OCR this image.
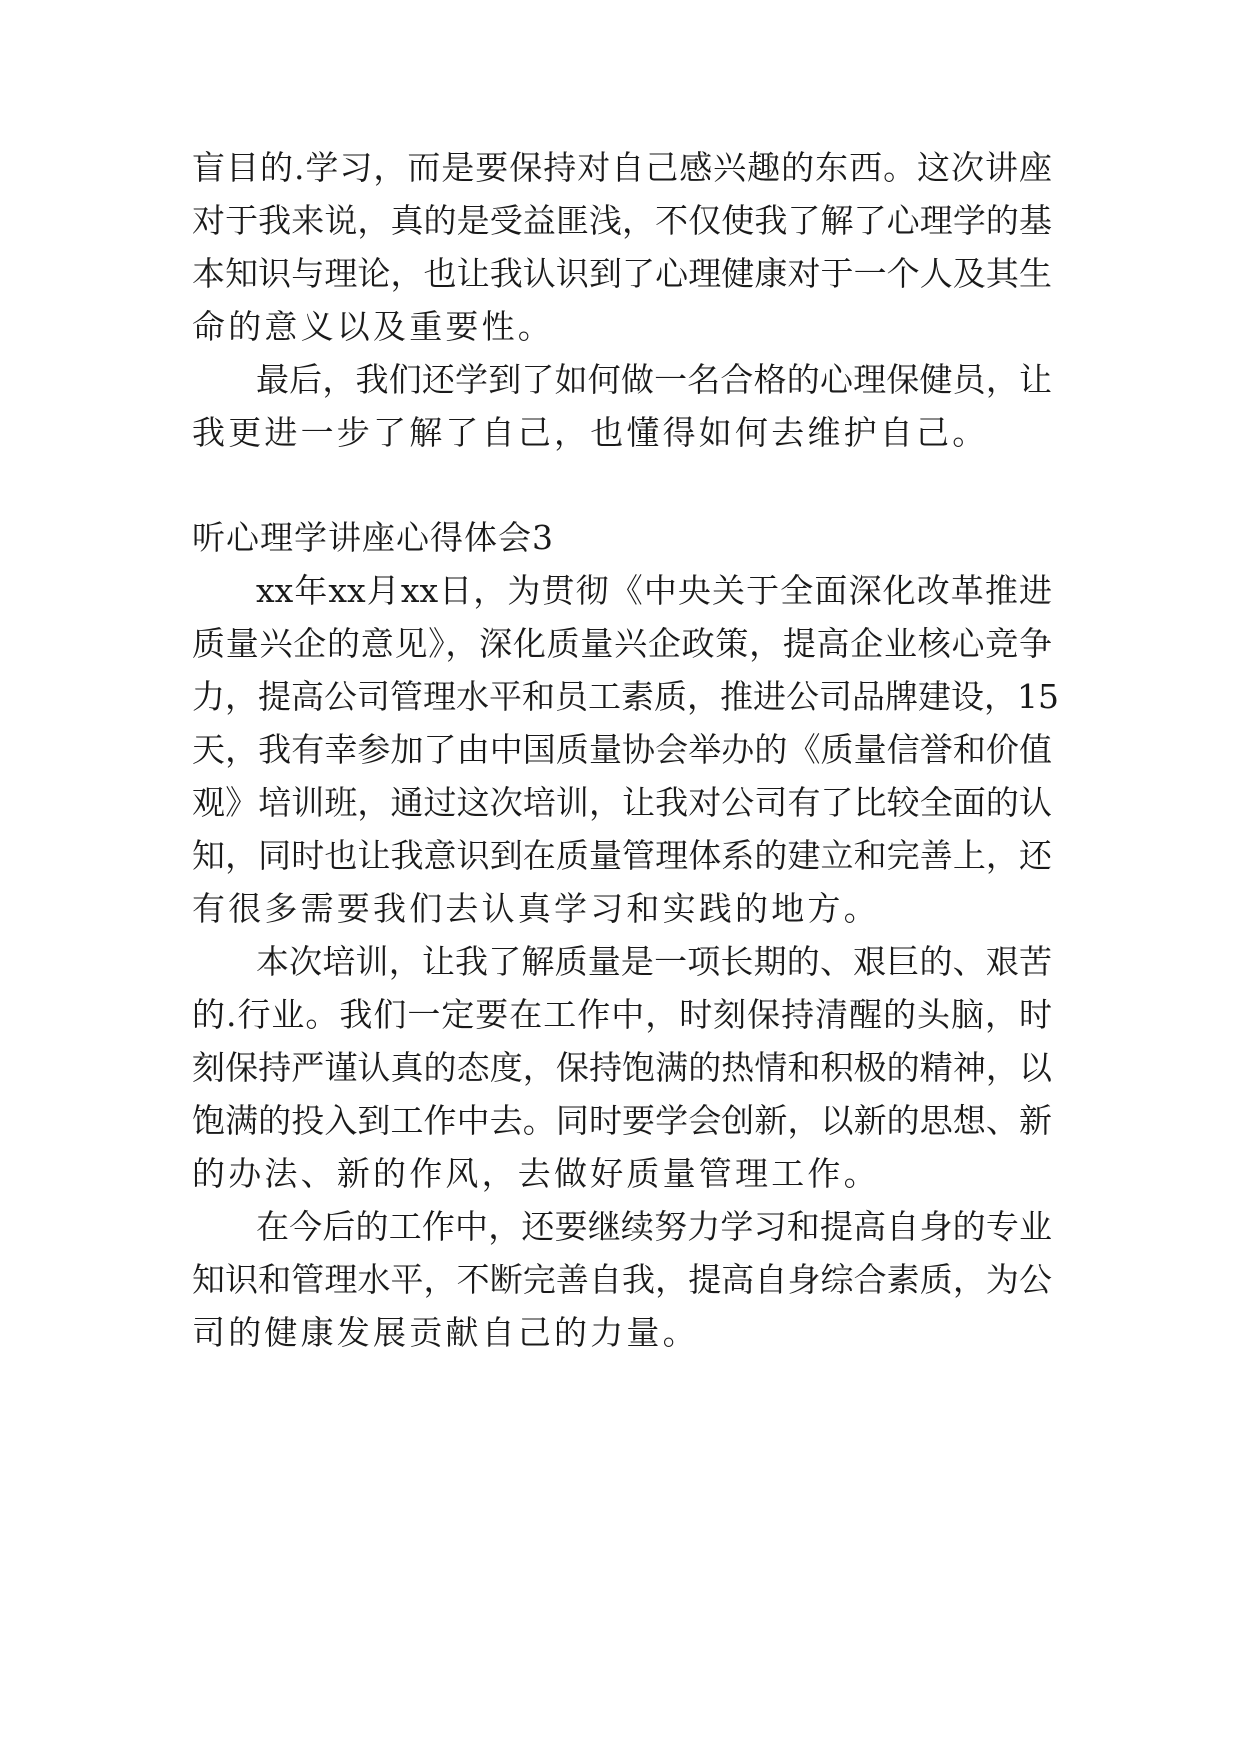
盲目的.学习，而是要保持对自己感兴趣的东西。这次讲座
对于我来说，真的是受益匪浅，不仅使我了解了心理学的基
本知识与理论，也让我认识到了心理健康对于一个人及其生
命的意义以及重要性。
最后，我们还学到了如何做一名合格的心理保健员，让
我更进一步了解了自己，也懂得如何去维护自己。
听心理学讲座心得体会3
xx年xx月xx日，为贯彻《中央关于全面深化改革推进
质量兴企的意见》，深化质量兴企政策，提高企业核心竞争
力，提高公司管理水平和员工素质，推进公司品牌建设，15
天，我有幸参加了由中国质量协会举办的《质量信誉和价值
观》培训班，通过这次培训，让我对公司有了比较全面的认
知，同时也让我意识到在质量管理体系的建立和完善上，还
有很多需要我们去认真学习和实践的地方。
本次培训，让我了解质量是一项长期的、艰巨的、艰苦
的.行业。我们一定要在工作中，时刻保持清醒的头脑，时
刻保持严谨认真的态度，保持饱满的热情和积极的精神，以
饱满的投入到工作中去。同时要学会创新，以新的思想、新
的办法、新的作风，去做好质量管理工作。
在今后的工作中，还要继续努力学习和提高自身的专业
知识和管理水平，不断完善自我，提高自身综合素质，为公
司的健康发展贡献自己的力量。
